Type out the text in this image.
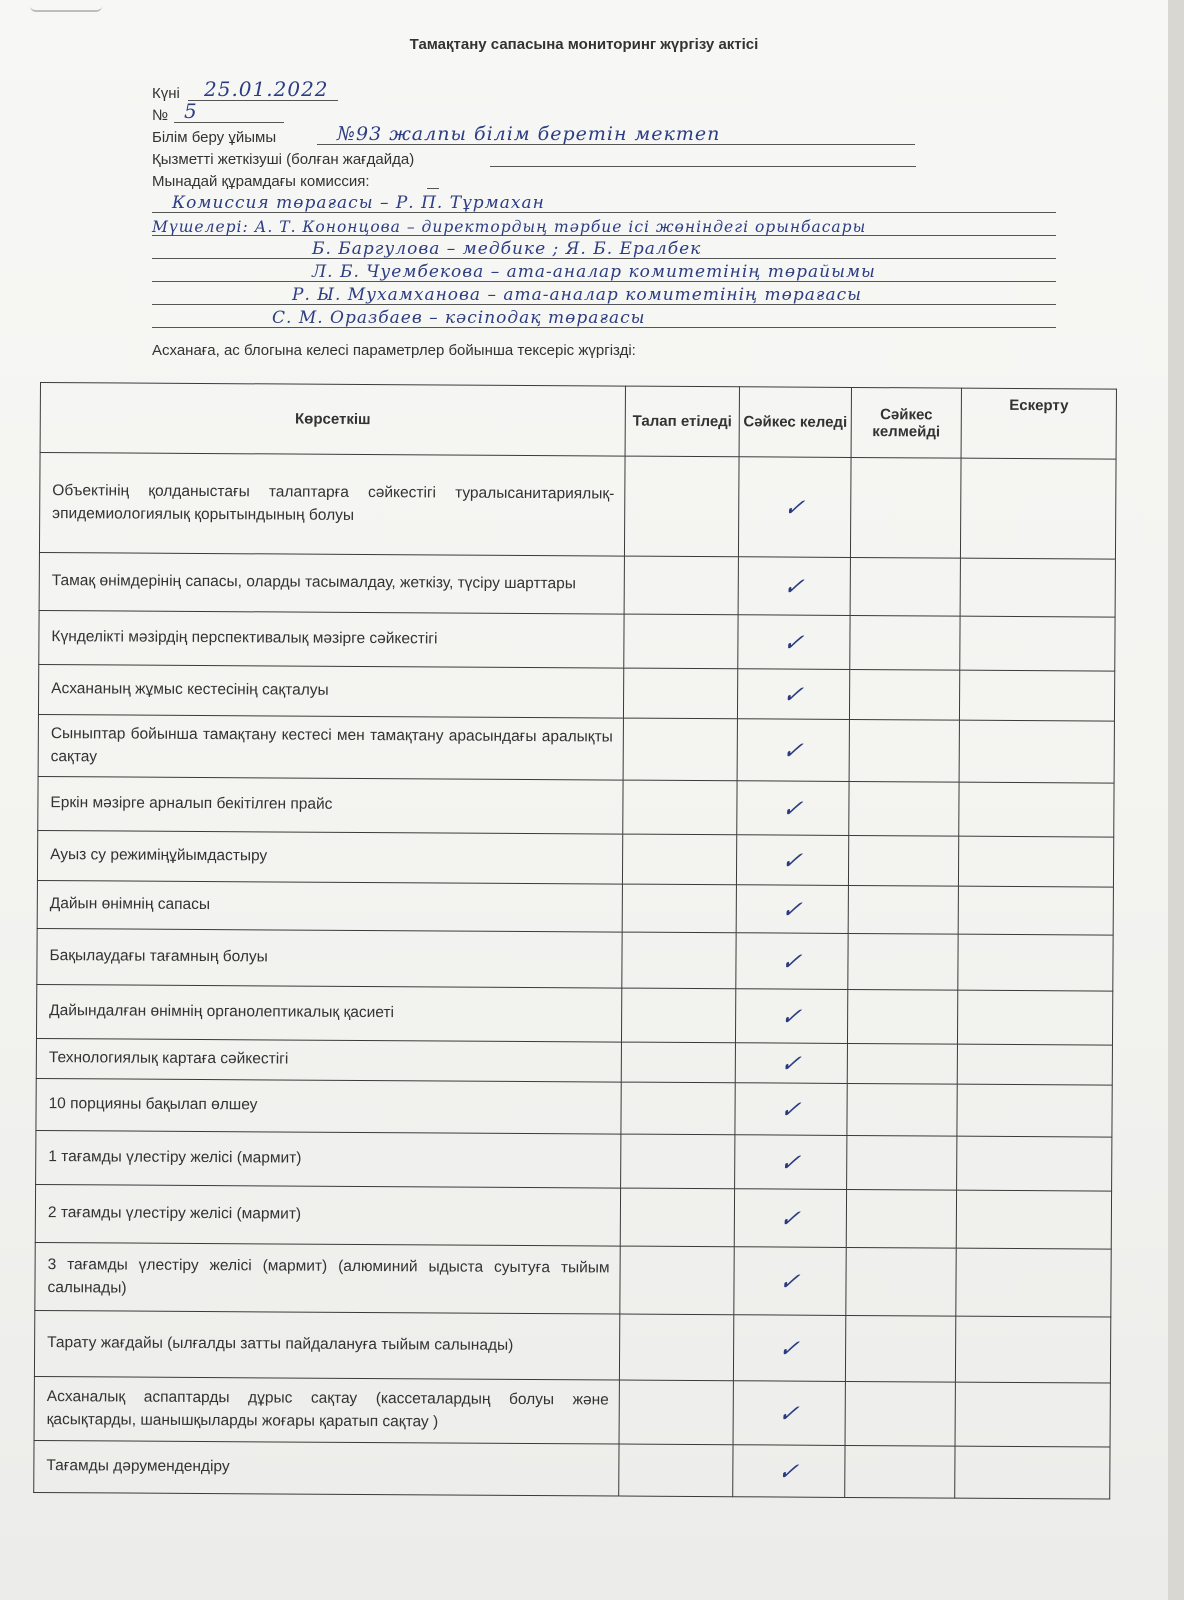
Тамақтану сапасына мониторинг жүргізу актісі
Күні 25.01.2022
№ 5
Білім беру ұйымы	№93 жалпы білім беретін мектеп
Қызметті жеткізуші (болған жағдайда)
Мынадай құрамдағы комиссия:
Комиссия төрағасы – Р. П. Тұрмахан
Мүшелері: А. Т. Кононцова – директордың тәрбие ісі жөніндегі орынбасары
Б. Баргулова – медбике ; Я. Б. Ералбек
Л. Б. Чуембекова – ата-аналар комитетінің төрайымы
Р. Ы. Мухамханова – ата-аналар комитетінің төрағасы
С. М. Оразбаев – кәсіподақ төрағасы
Асханаға, ас блогына келесі параметрлер бойынша тексеріс жүргізді:
Көрсеткіш	Талап етіледі	Сәйкес келеді	Сәйкес келмейді	Ескерту
Объектінің қолданыстағы талаптарға сәйкестігі туралысанитариялық-эпидемиологиялық қорытындының болуы		✓		
Тамақ өнімдерінің сапасы, оларды тасымалдау, жеткізу, түсіру шарттары		✓		
Күнделікті мәзірдің перспективалық мәзірге сәйкестігі		✓		
Асхананың жұмыс кестесінің сақталуы		✓		
Сыныптар бойынша тамақтану кестесі мен тамақтану арасындағы аралықты сақтау		✓		
Еркін мәзірге арналып бекітілген прайс		✓		
Ауыз су режиміңұйымдастыру		✓		
Дайын өнімнің сапасы		✓		
Бақылаудағы тағамның болуы		✓		
Дайындалған өнімнің органолептикалық қасиеті		✓		
Технологиялық картаға сәйкестігі		✓		
10 порцияны бақылап өлшеу		✓		
1 тағамды үлестіру желісі (мармит)		✓		
2 тағамды үлестіру желісі (мармит)		✓		
3 тағамды үлестіру желісі (мармит) (алюминий ыдыста суытуға тыйым салынады)		✓		
Тарату жағдайы (ылғалды затты пайдалануға тыйым салынады)		✓		
Асханалық аспаптарды дұрыс сақтау (кассеталардың болуы және қасықтарды, шанышқыларды жоғары қаратып сақтау )		✓		
Тағамды дәрумендендіру		✓		
